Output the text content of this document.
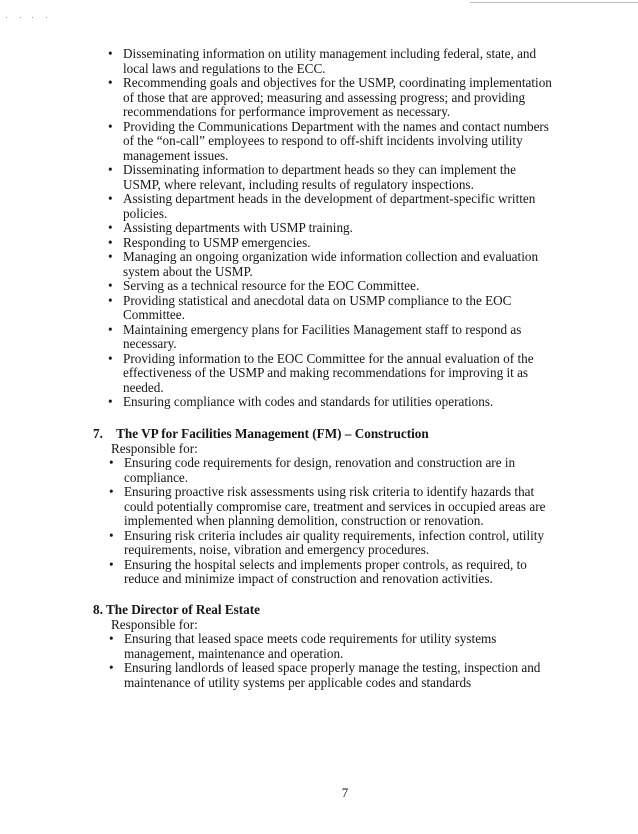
• Disseminating information on utility management including federal, state, and local laws and regulations to the ECC.
• Recommending goals and objectives for the USMP, coordinating implementation of those that are approved; measuring and assessing progress; and providing recommendations for performance improvement as necessary.
• Providing the Communications Department with the names and contact numbers of the “on-call” employees to respond to off-shift incidents involving utility management issues.
• Disseminating information to department heads so they can implement the USMP, where relevant, including results of regulatory inspections.
• Assisting department heads in the development of department-specific written policies.
• Assisting departments with USMP training.
• Responding to USMP emergencies.
• Managing an ongoing organization wide information collection and evaluation system about the USMP.
• Serving as a technical resource for the EOC Committee.
• Providing statistical and anecdotal data on USMP compliance to the EOC Committee.
• Maintaining emergency plans for Facilities Management staff to respond as necessary.
• Providing information to the EOC Committee for the annual evaluation of the effectiveness of the USMP and making recommendations for improving it as needed.
• Ensuring compliance with codes and standards for utilities operations.

7. The VP for Facilities Management (FM) – Construction

Responsible for:

• Ensuring code requirements for design, renovation and construction are in compliance.
• Ensuring proactive risk assessments using risk criteria to identify hazards that could potentially compromise care, treatment and services in occupied areas are implemented when planning demolition, construction or renovation.
• Ensuring risk criteria includes air quality requirements, infection control, utility requirements, noise, vibration and emergency procedures.
• Ensuring the hospital selects and implements proper controls, as required, to reduce and minimize impact of construction and renovation activities.

8. The Director of Real Estate

Responsible for:

• Ensuring that leased space meets code requirements for utility systems management, maintenance and operation.
• Ensuring landlords of leased space properly manage the testing, inspection and maintenance of utility systems per applicable codes and standards
7
